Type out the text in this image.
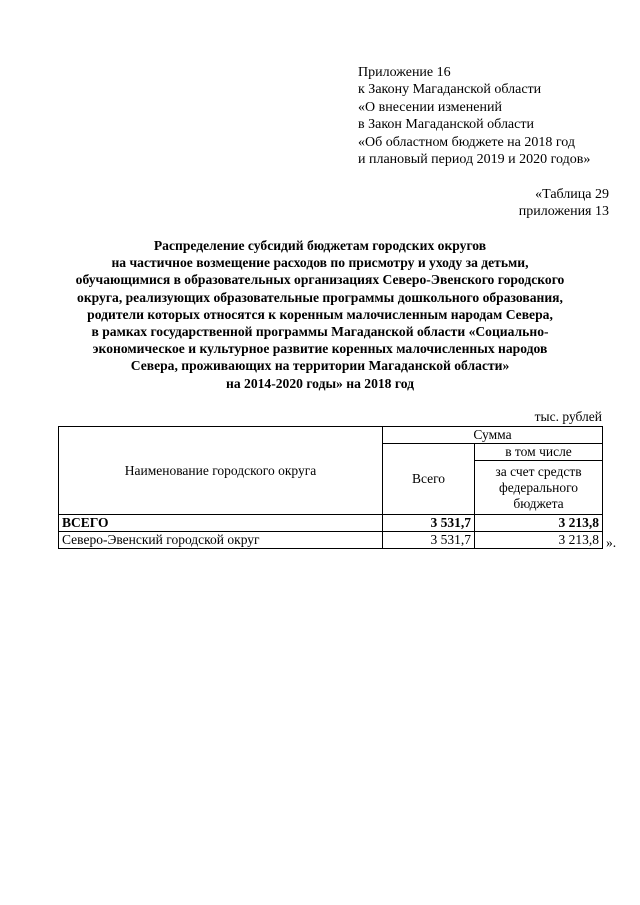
Приложение 16
к Закону Магаданской области
«О внесении изменений
в Закон Магаданской области
«Об областном бюджете на 2018 год
и плановый период 2019 и 2020 годов»
«Таблица 29
приложения 13
Распределение субсидий бюджетам городских округов
на частичное возмещение расходов по присмотру и уходу за детьми,
обучающимися в образовательных организациях Северо-Эвенского городского
округа, реализующих образовательные программы дошкольного образования,
родители которых относятся к коренным малочисленным народам Севера,
в рамках государственной программы Магаданской области «Социально-
экономическое и культурное развитие коренных малочисленных народов
Севера, проживающих на территории Магаданской области»
на 2014-2020 годы» на 2018 год
тыс. рублей
Наименование городского округа	Сумма	
	Всего	в том числе
		за счет средств федерального бюджета
ВСЕГО	3 531,7	3 213,8
Северо-Эвенский городской округ	3 531,7	3 213,8 ».
